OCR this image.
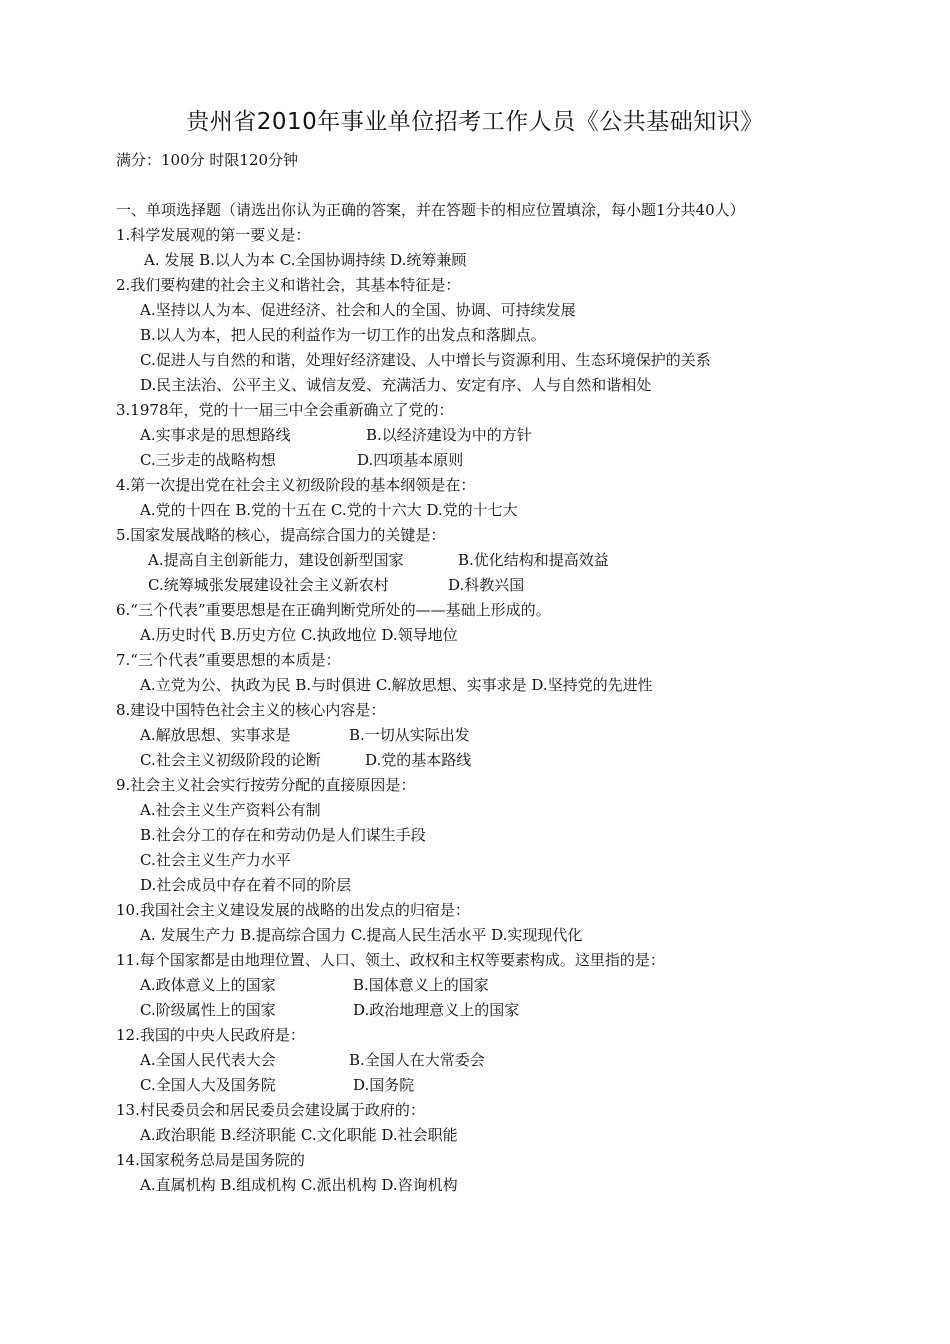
贵州省2010年事业单位招考工作人员《公共基础知识》
满分：100分 时限120分钟
一、单项选择题（请选出你认为正确的答案，并在答题卡的相应位置填涂，每小题1分共40人）
1.科学发展观的第一要义是：
A. 发展 B.以人为本 C.全国协调持续 D.统筹兼顾
2.我们要构建的社会主义和谐社会，其基本特征是：
A.坚持以人为本、促进经济、社会和人的全国、协调、可持续发展
B.以人为本，把人民的利益作为一切工作的出发点和落脚点。
C.促进人与自然的和谐，处理好经济建设、人中增长与资源利用、生态环境保护的关系
D.民主法治、公平主义、诚信友爱、充满活力、安定有序、人与自然和谐相处
3.1978年，党的十一届三中全会重新确立了党的：
A.实事求是的思想路线	B.以经济建设为中的方针
C.三步走的战略构想	D.四项基本原则
4.第一次提出党在社会主义初级阶段的基本纲领是在：
A.党的十四在 B.党的十五在 C.党的十六大 D.党的十七大
5.国家发展战略的核心，提高综合国力的关键是：
A.提高自主创新能力，建设创新型国家	B.优化结构和提高效益
C.统筹城张发展建设社会主义新农村	D.科教兴国
6.“三个代表”重要思想是在正确判断党所处的——基础上形成的。
A.历史时代 B.历史方位 C.执政地位 D.领导地位
7.“三个代表”重要思想的本质是：
A.立党为公、执政为民 B.与时俱进 C.解放思想、实事求是 D.坚持党的先进性
8.建设中国特色社会主义的核心内容是：
A.解放思想、实事求是	B.一切从实际出发
C.社会主义初级阶段的论断	D.党的基本路线
9.社会主义社会实行按劳分配的直接原因是：
A.社会主义生产资料公有制
B.社会分工的存在和劳动仍是人们谋生手段
C.社会主义生产力水平
D.社会成员中存在着不同的阶层
10.我国社会主义建设发展的战略的出发点的归宿是：
A. 发展生产力 B.提高综合国力 C.提高人民生活水平 D.实现现代化
11.每个国家都是由地理位置、人口、领土、政权和主权等要素构成。这里指的是：
A.政体意义上的国家	B.国体意义上的国家
C.阶级属性上的国家	D.政治地理意义上的国家
12.我国的中央人民政府是：
A.全国人民代表大会	B.全国人在大常委会
C.全国人大及国务院	D.国务院
13.村民委员会和居民委员会建设属于政府的：
A.政治职能 B.经济职能 C.文化职能 D.社会职能
14.国家税务总局是国务院的
A.直属机构 B.组成机构 C.派出机构 D.咨询机构
